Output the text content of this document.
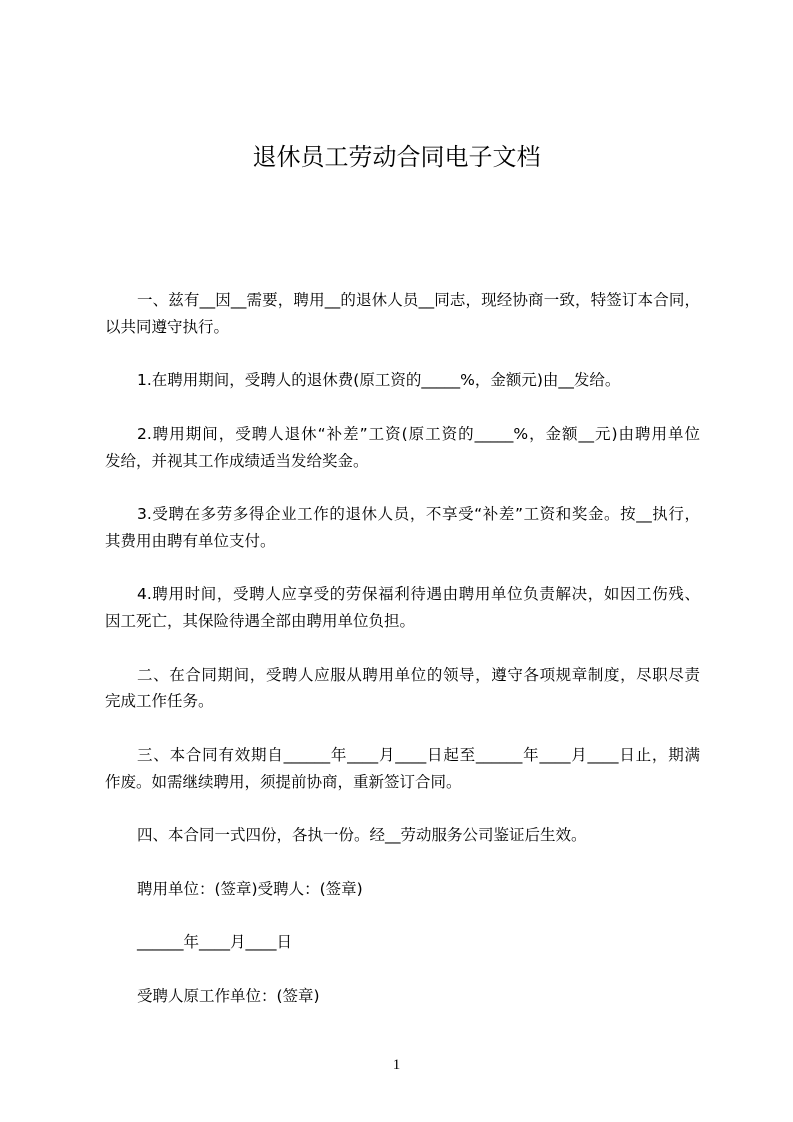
退休员工劳动合同电子文档
一、兹有__因__需要，聘用__的退休人员__同志，现经协商一致，特签订本合同，
以共同遵守执行。
1.在聘用期间，受聘人的退休费(原工资的_____%，金额元)由__发给。
2.聘用期间，受聘人退休“补差”工资(原工资的_____%，金额__元)由聘用单位
发给，并视其工作成绩适当发给奖金。
3.受聘在多劳多得企业工作的退休人员，不享受“补差”工资和奖金。按__执行，
其费用由聘有单位支付。
4.聘用时间，受聘人应享受的劳保福利待遇由聘用单位负责解决，如因工伤残、
因工死亡，其保险待遇全部由聘用单位负担。
二、在合同期间，受聘人应服从聘用单位的领导，遵守各项规章制度，尽职尽责
完成工作任务。
三、本合同有效期自______年____月____日起至______年____月____日止，期满
作废。如需继续聘用，须提前协商，重新签订合同。
四、本合同一式四份，各执一份。经__劳动服务公司鉴证后生效。
聘用单位：(签章)受聘人：(签章)
______年____月____日
受聘人原工作单位：(签章)
1
